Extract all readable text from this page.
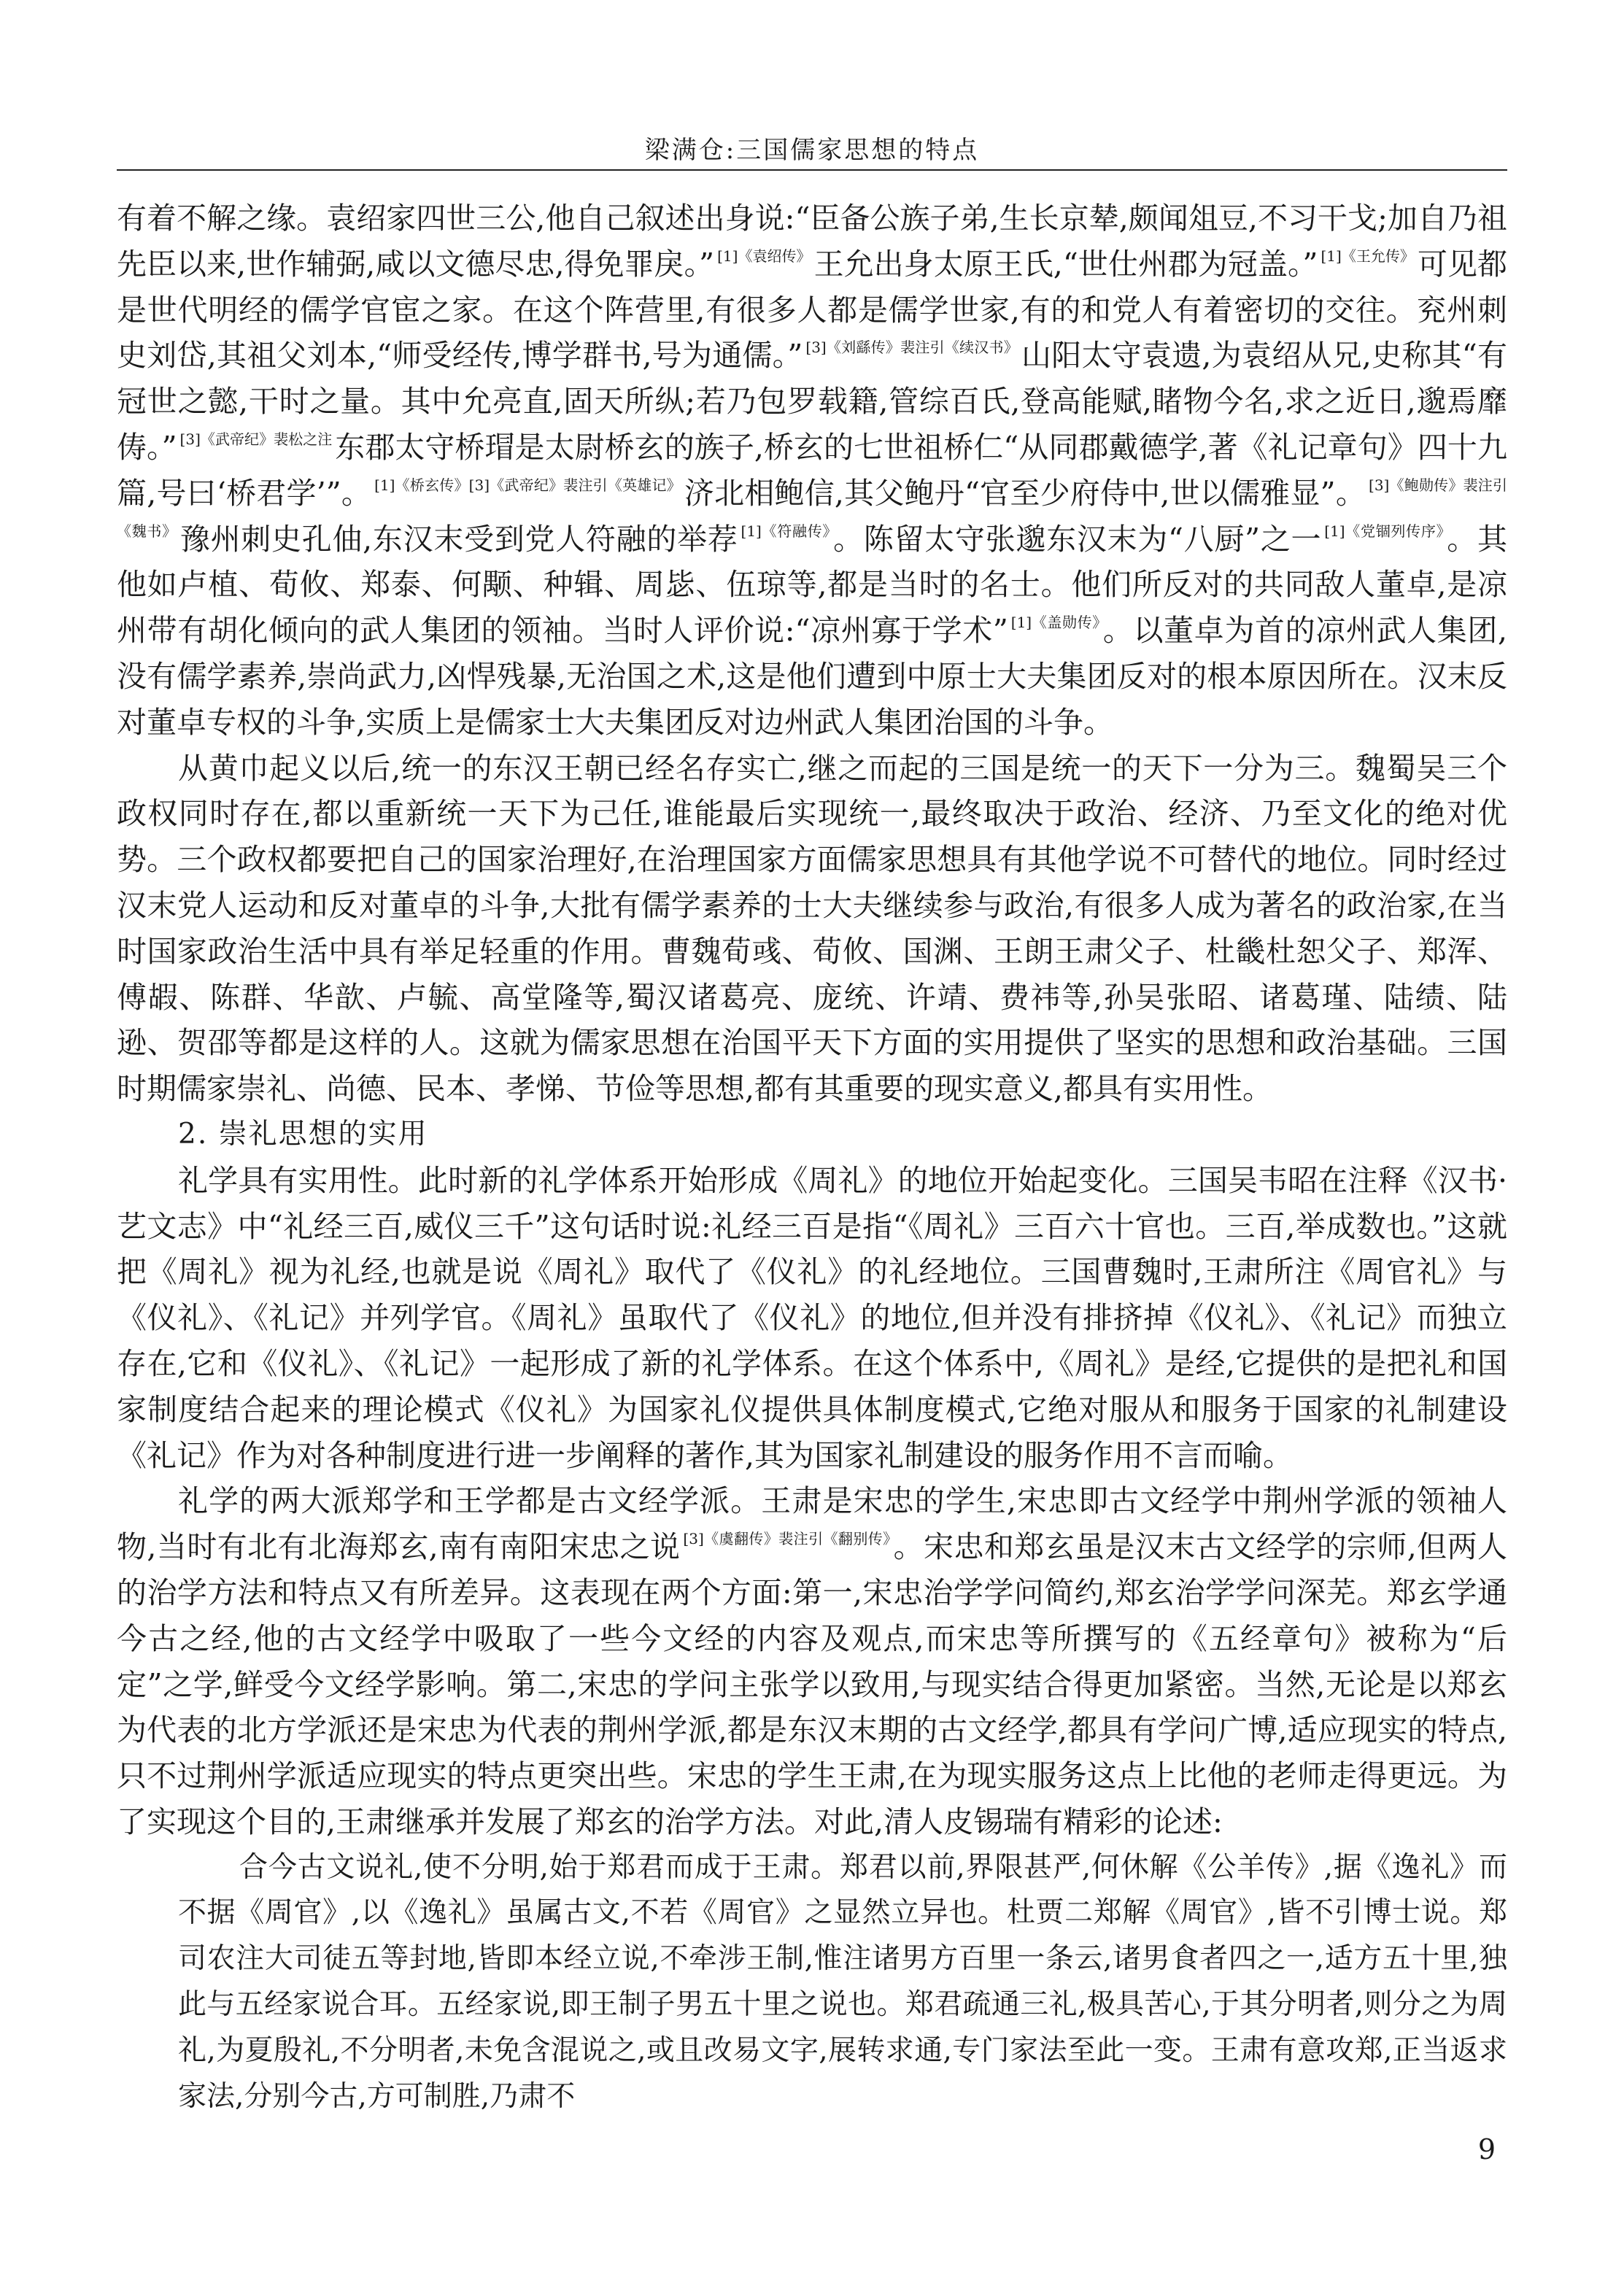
梁满仓:三国儒家思想的特点

有着不解之缘。袁绍家四世三公,他自己叙述出身说:“臣备公族子弟,生长京辇,颇闻俎豆,不习干戈;加自乃祖先臣以来,世作辅弼,咸以文德尽忠,得免罪戾。” $^{[1]《袁绍传》}$王允出身太原王氏,“世仕州郡为冠盖。” $^{[1]《王允传》}$可见都是世代明经的儒学官宦之家。在这个阵营里,有很多人都是儒学世家,有的和党人有着密切的交往。兖州刺史刘岱,其祖父刘本,“师受经传,博学群书,号为通儒。” $^{[3]《刘繇传》裴注引《续汉书》}$山阳太守袁遗,为袁绍从兄,史称其“有冠世之懿,干时之量。其中允亮直,固天所纵;若乃包罗载籍,管综百氏,登高能赋,睹物今名,求之近日,邈焉靡俦。” $^{[3]《武帝纪》裴松之注}$东郡太守桥瑁是太尉桥玄的族子,桥玄的七世祖桥仁“从同郡戴德学,著《礼记章句》四十九篇,号曰‘桥君学’”。 $^{[1]《桥玄传》[3]《武帝纪》裴注引《英雄记》}$济北相鲍信,其父鲍丹“官至少府侍中,世以儒雅显”。 $^{[3]《鲍勋传》裴注引《魏书》}$豫州刺史孔伷,东汉末受到党人符融的举荐 $^{[1]《符融传》}$。陈留太守张邈东汉末为“八厨”之一 $^{[1]《党锢列传序》}$。其他如卢植、荀攸、郑泰、何颙、种辑、周毖、伍琼等,都是当时的名士。他们所反对的共同敌人董卓,是凉州带有胡化倾向的武人集团的领袖。当时人评价说:“凉州寡于学术” $^{[1]《盖勋传》}$。以董卓为首的凉州武人集团,没有儒学素养,崇尚武力,凶悍残暴,无治国之术,这是他们遭到中原士大夫集团反对的根本原因所在。汉末反对董卓专权的斗争,实质上是儒家士大夫集团反对边州武人集团治国的斗争。

从黄巾起义以后,统一的东汉王朝已经名存实亡,继之而起的三国是统一的天下一分为三。魏蜀吴三个政权同时存在,都以重新统一天下为己任,谁能最后实现统一,最终取决于政治、经济、乃至文化的绝对优势。三个政权都要把自己的国家治理好,在治理国家方面儒家思想具有其他学说不可替代的地位。同时经过汉末党人运动和反对董卓的斗争,大批有儒学素养的士大夫继续参与政治,有很多人成为著名的政治家,在当时国家政治生活中具有举足轻重的作用。曹魏荀彧、荀攸、国渊、王朗王肃父子、杜畿杜恕父子、郑浑、傅嘏、陈群、华歆、卢毓、高堂隆等,蜀汉诸葛亮、庞统、许靖、费祎等,孙吴张昭、诸葛瑾、陆绩、陆逊、贺邵等都是这样的人。这就为儒家思想在治国平天下方面的实用提供了坚实的思想和政治基础。三国时期儒家崇礼、尚德、民本、孝悌、节俭等思想,都有其重要的现实意义,都具有实用性。

2. 崇礼思想的实用

礼学具有实用性。此时新的礼学体系开始形成《周礼》的地位开始起变化。三国吴韦昭在注释《汉书·艺文志》中“礼经三百,威仪三千”这句话时说:礼经三百是指“《周礼》三百六十官也。三百,举成数也。”这就把《周礼》视为礼经,也就是说《周礼》取代了《仪礼》的礼经地位。三国曹魏时,王肃所注《周官礼》与《仪礼》、《礼记》并列学官。《周礼》虽取代了《仪礼》的地位,但并没有排挤掉《仪礼》、《礼记》而独立存在,它和《仪礼》、《礼记》一起形成了新的礼学体系。在这个体系中,《周礼》是经,它提供的是把礼和国家制度结合起来的理论模式《仪礼》为国家礼仪提供具体制度模式,它绝对服从和服务于国家的礼制建设《礼记》作为对各种制度进行进一步阐释的著作,其为国家礼制建设的服务作用不言而喻。

礼学的两大派郑学和王学都是古文经学派。王肃是宋忠的学生,宋忠即古文经学中荆州学派的领袖人物,当时有北有北海郑玄,南有南阳宋忠之说 $^{[3]《虞翻传》裴注引《翻别传》}$。宋忠和郑玄虽是汉末古文经学的宗师,但两人的治学方法和特点又有所差异。这表现在两个方面:第一,宋忠治学学问简约,郑玄治学学问深芜。郑玄学通今古之经,他的古文经学中吸取了一些今文经的内容及观点,而宋忠等所撰写的《五经章句》被称为“后定”之学,鲜受今文经学影响。第二,宋忠的学问主张学以致用,与现实结合得更加紧密。当然,无论是以郑玄为代表的北方学派还是宋忠为代表的荆州学派,都是东汉末期的古文经学,都具有学问广博,适应现实的特点,只不过荆州学派适应现实的特点更突出些。宋忠的学生王肃,在为现实服务这点上比他的老师走得更远。为了实现这个目的,王肃继承并发展了郑玄的治学方法。对此,清人皮锡瑞有精彩的论述:

合今古文说礼,使不分明,始于郑君而成于王肃。郑君以前,界限甚严,何休解《公羊传》,据《逸礼》而不据《周官》,以《逸礼》虽属古文,不若《周官》之显然立异也。杜贾二郑解《周官》,皆不引博士说。郑司农注大司徒五等封地,皆即本经立说,不牵涉王制,惟注诸男方百里一条云,诸男食者四之一,适方五十里,独此与五经家说合耳。五经家说,即王制子男五十里之说也。郑君疏通三礼,极具苦心,于其分明者,则分之为周礼,为夏殷礼,不分明者,未免含混说之,或且改易文字,展转求通,专门家法至此一变。王肃有意攻郑,正当返求家法,分别今古,方可制胜,乃肃不

9
